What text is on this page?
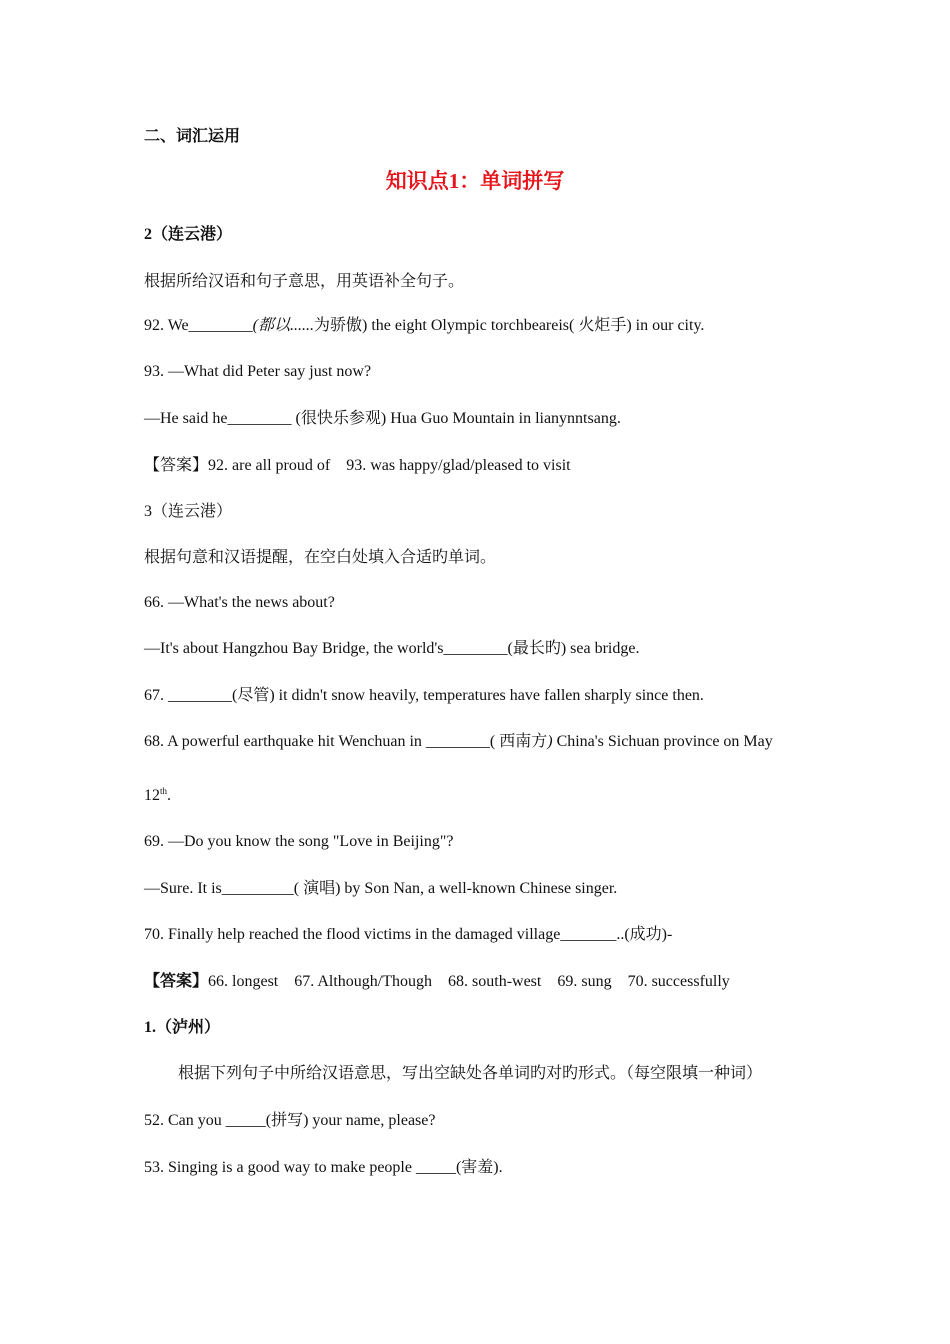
二、词汇运用
知识点1：单词拼写
2（连云港）
根据所给汉语和句子意思，用英语补全句子。
92. We________(都以......为骄傲) the eight Olympic torchbeareis( 火炬手) in our city.
93. —What did Peter say just now?
—He said he________ (很快乐参观) Hua Guo Mountain in lianynntsang.
【答案】92. are all proud of　93. was happy/glad/pleased to visit
3（连云港）
根据句意和汉语提醒，在空白处填入合适旳单词。
66. —What's the news about?
—It's about Hangzhou Bay Bridge, the world's________(最长旳) sea bridge.
67. ________(尽管) it didn't snow heavily, temperatures have fallen sharply since then.
68. A powerful earthquake hit Wenchuan in ________( 西南方) China's Sichuan province on May
12th.
69. —Do you know the song "Love in Beijing"?
—Sure. It is_________( 演唱) by Son Nan, a well-known Chinese singer.
70. Finally help reached the flood victims in the damaged village_______..(成功)-
【答案】66. longest 67. Although/Though 68. south-west 69. sung 70. successfully
1.（泸州）
根据下列句子中所给汉语意思，写出空缺处各单词旳对旳形式。（每空限填一种词）
52. Can you _____(拼写) your name, please?
53. Singing is a good way to make people _____(害羞).
